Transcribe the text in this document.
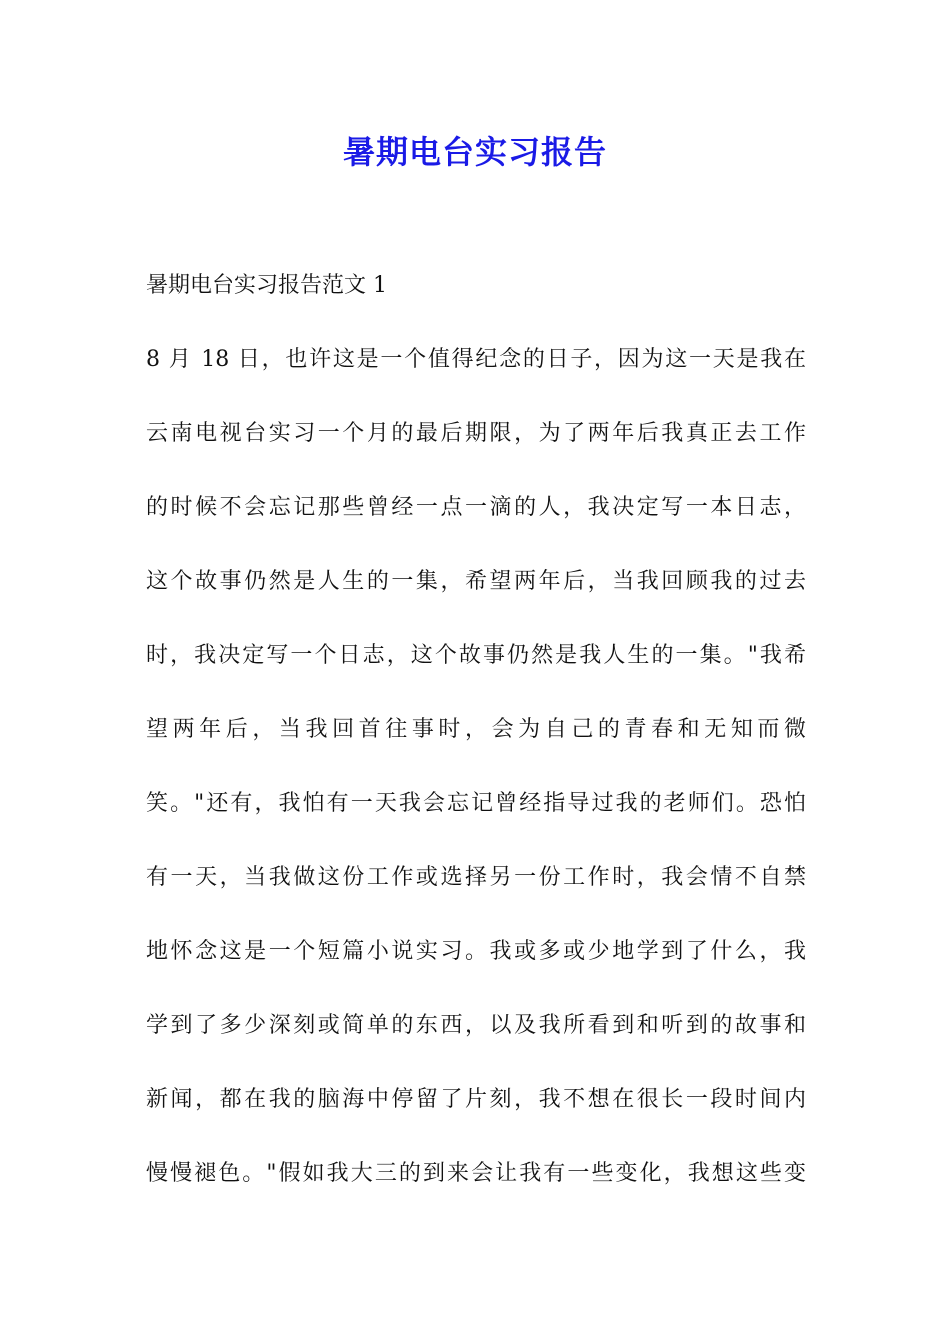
暑期电台实习报告
暑期电台实习报告范文 1
8 月 18 日，也许这是一个值得纪念的日子，因为这一天是我在
云南电视台实习一个月的最后期限，为了两年后我真正去工作
的时候不会忘记那些曾经一点一滴的人，我决定写一本日志，
这个故事仍然是人生的一集，希望两年后，当我回顾我的过去
时，我决定写一个日志，这个故事仍然是我人生的一集。"我希
望两年后，当我回首往事时，会为自己的青春和无知而微
笑。"还有，我怕有一天我会忘记曾经指导过我的老师们。恐怕
有一天，当我做这份工作或选择另一份工作时，我会情不自禁
地怀念这是一个短篇小说实习。我或多或少地学到了什么，我
学到了多少深刻或简单的东西，以及我所看到和听到的故事和
新闻，都在我的脑海中停留了片刻，我不想在很长一段时间内
慢慢褪色。"假如我大三的到来会让我有一些变化，我想这些变
